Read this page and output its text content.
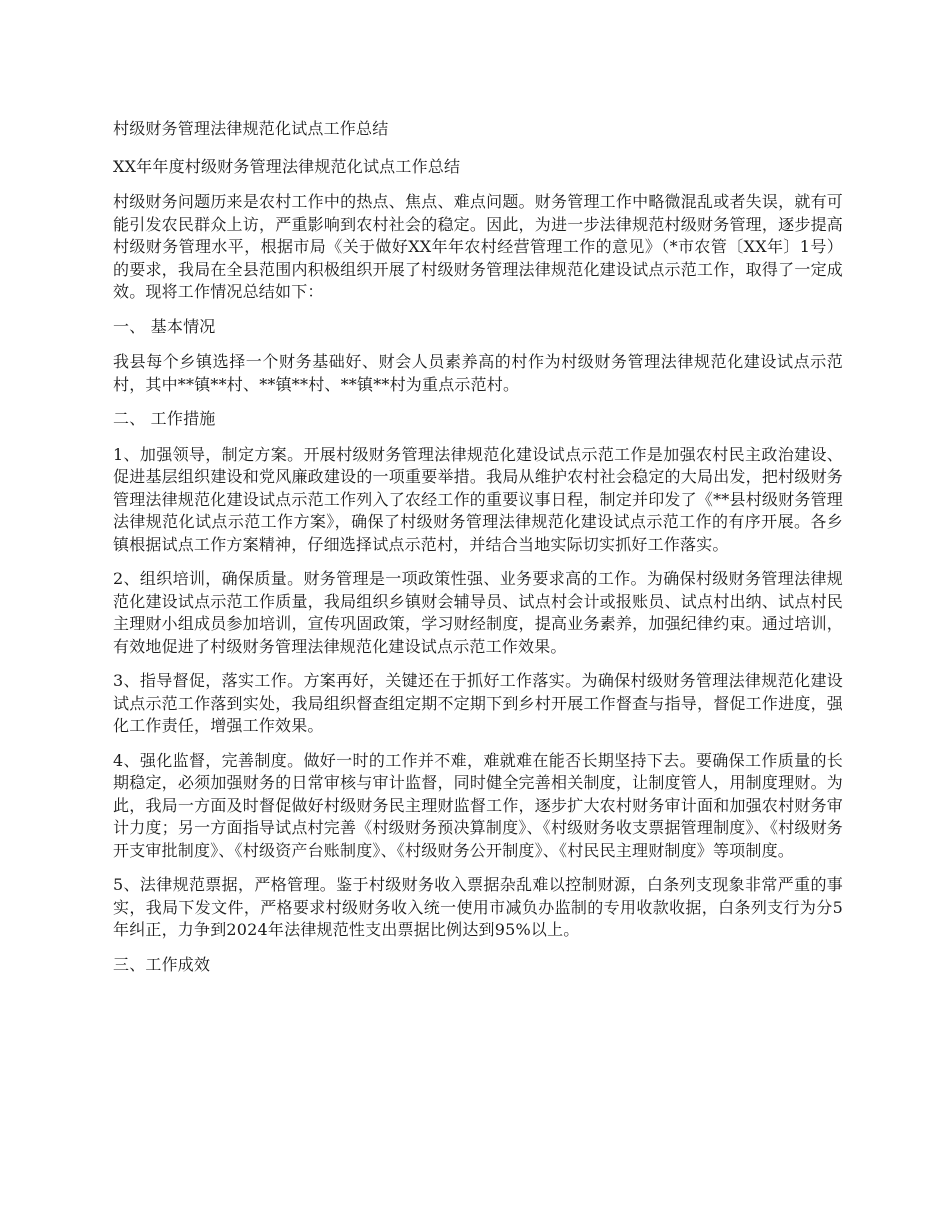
村级财务管理法律规范化试点工作总结

XX年年度村级财务管理法律规范化试点工作总结

村级财务问题历来是农村工作中的热点、焦点、难点问题。财务管理工作中略微混乱或者失误，就有可能引发农民群众上访，严重影响到农村社会的稳定。因此，为进一步法律规范村级财务管理，逐步提高村级财务管理水平，根据市局《关于做好XX年年农村经营管理工作的意见》（*市农管〔XX年〕1号）的要求，我局在全县范围内积极组织开展了村级财务管理法律规范化建设试点示范工作，取得了一定成效。现将工作情况总结如下：

一、 基本情况

我县每个乡镇选择一个财务基础好、财会人员素养高的村作为村级财务管理法律规范化建设试点示范村，其中**镇**村、**镇**村、**镇**村为重点示范村。

二、 工作措施

1、加强领导，制定方案。开展村级财务管理法律规范化建设试点示范工作是加强农村民主政治建设、促进基层组织建设和党风廉政建设的一项重要举措。我局从维护农村社会稳定的大局出发，把村级财务管理法律规范化建设试点示范工作列入了农经工作的重要议事日程，制定并印发了《**县村级财务管理法律规范化试点示范工作方案》，确保了村级财务管理法律规范化建设试点示范工作的有序开展。各乡镇根据试点工作方案精神，仔细选择试点示范村，并结合当地实际切实抓好工作落实。

2、组织培训，确保质量。财务管理是一项政策性强、业务要求高的工作。为确保村级财务管理法律规范化建设试点示范工作质量，我局组织乡镇财会辅导员、试点村会计或报账员、试点村出纳、试点村民主理财小组成员参加培训，宣传巩固政策，学习财经制度，提高业务素养，加强纪律约束。通过培训，有效地促进了村级财务管理法律规范化建设试点示范工作效果。

3、指导督促，落实工作。方案再好，关键还在于抓好工作落实。为确保村级财务管理法律规范化建设试点示范工作落到实处，我局组织督查组定期不定期下到乡村开展工作督查与指导，督促工作进度，强化工作责任，增强工作效果。

4、强化监督，完善制度。做好一时的工作并不难，难就难在能否长期坚持下去。要确保工作质量的长期稳定，必须加强财务的日常审核与审计监督，同时健全完善相关制度，让制度管人，用制度理财。为此，我局一方面及时督促做好村级财务民主理财监督工作，逐步扩大农村财务审计面和加强农村财务审计力度；另一方面指导试点村完善《村级财务预决算制度》、《村级财务收支票据管理制度》、《村级财务开支审批制度》、《村级资产台账制度》、《村级财务公开制度》、《村民民主理财制度》等项制度。

5、法律规范票据，严格管理。鉴于村级财务收入票据杂乱难以控制财源，白条列支现象非常严重的事实，我局下发文件，严格要求村级财务收入统一使用市减负办监制的专用收款收据，白条列支行为分5年纠正，力争到2024年法律规范性支出票据比例达到95%以上。

三、工作成效
